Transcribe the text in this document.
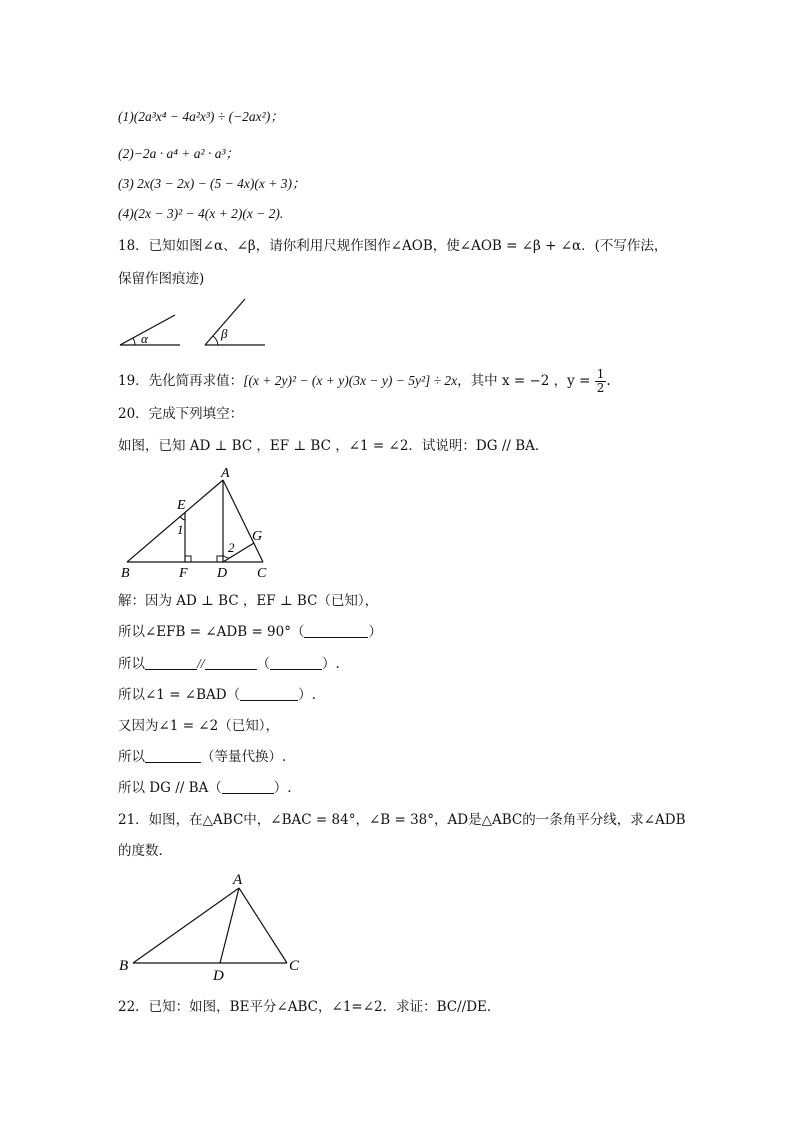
(1)(2a³x⁴ − 4a²x³) ÷ (−2ax²)；
(2)−2a · a⁴ + a² · a³；
(3) 2x(3 − 2x) − (5 − 4x)(x + 3)；
(4)(2x − 3)² − 4(x + 2)(x − 2).
18．已知如图∠α、∠β，请你利用尺规作图作∠AOB，使∠AOB = ∠β + ∠α．(不写作法，
保留作图痕迹)
α	β
19．先化简再求值：[(x + 2y)² − (x + y)(3x − y) − 5y²] ÷ 2x，其中 x = −2 ，$y = \frac{1}{2}$ .
20．完成下列填空：
如图，已知 AD ⊥ BC ，EF ⊥ BC ，∠1 = ∠2．试说明：DG // BA．
A
E
1	G
2
B	F D C
解：因为 AD ⊥ BC ，EF ⊥ BC（已知），
所以∠EFB = ∠ADB = 90°（	）
所以	//	（	）.
所以∠1 = ∠BAD（	）.
又因为∠1 = ∠2（已知），
所以	（等量代换）.
所以 DG // BA（	）.
21．如图，在△ABC中，∠BAC = 84°，∠B = 38°，AD是△ABC的一条角平分线，求∠ADB
的度数．
A
B
D
C
22．已知：如图，BE平分∠ABC，∠1=∠2．求证：BC//DE．
